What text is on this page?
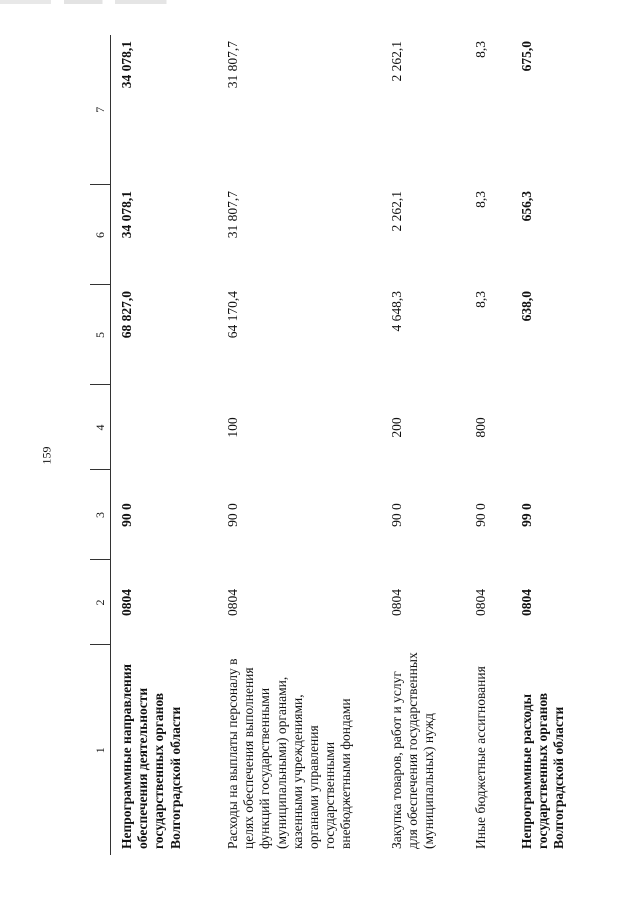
159
1	2	3	4	5	6	7
Непрограммные направления обеспечения деятельности государственных органов Волгоградской области	0804	90 0		68 827,0	34 078,1	34 078,1
Расходы на выплаты персоналу в целях обеспечения выполнения функций государственными (муниципальными) органами, казенными учреждениями, органами управления государственными внебюджетными фондами	0804	90 0	100	64 170,4	31 807,7	31 807,7
Закупка товаров, работ и услуг для обеспечения государственных (муниципальных) нужд	0804	90 0	200	4 648,3	2 262,1	2 262,1
Иные бюджетные ассигнования	0804	90 0	800	8,3	8,3	8,3
Непрограммные расходы государственных органов Волгоградской области	0804	99 0		638,0	656,3	675,0
